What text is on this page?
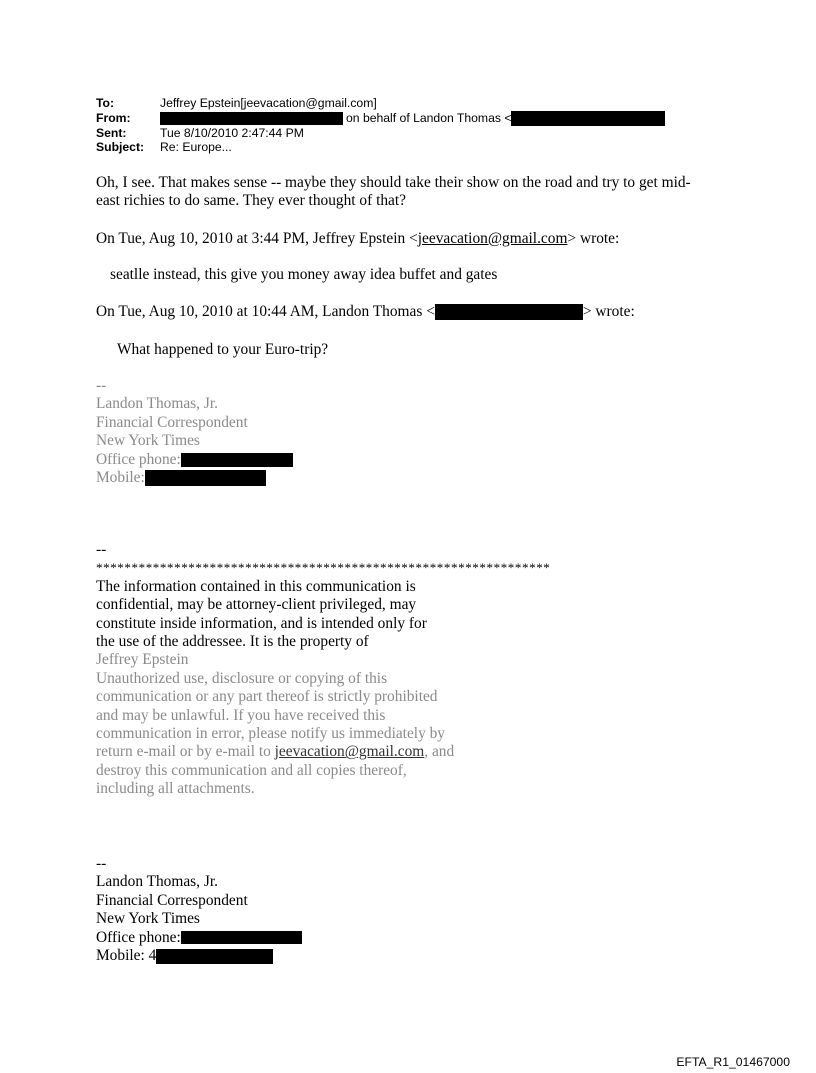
To:	Jeffrey Epstein[jeevacation@gmail.com]
From:	on behalf of Landon Thomas <
Sent:	Tue 8/10/2010 2:47:44 PM
Subject:	Re: Europe...
Oh, I see. That makes sense -- maybe they should take their show on the road and try to get mid-
east richies to do same. They ever thought of that?
On Tue, Aug 10, 2010 at 3:44 PM, Jeffrey Epstein <jeevacation@gmail.com> wrote:
seatlle instead, this give you money away idea buffet and gates
On Tue, Aug 10, 2010 at 10:44 AM, Landon Thomas <	> wrote:
What happened to your Euro-trip?
--
Landon Thomas, Jr.
Financial Correspondent
New York Times
Office phone:
Mobile:
--
****************************************************************
The information contained in this communication is
confidential, may be attorney-client privileged, may
constitute inside information, and is intended only for
the use of the addressee. It is the property of
Jeffrey Epstein
Unauthorized use, disclosure or copying of this
communication or any part thereof is strictly prohibited
and may be unlawful. If you have received this
communication in error, please notify us immediately by
return e-mail or by e-mail to jeevacation@gmail.com, and
destroy this communication and all copies thereof,
including all attachments.
--
Landon Thomas, Jr.
Financial Correspondent
New York Times
Office phone:
Mobile: 4
EFTA_R1_01467000
